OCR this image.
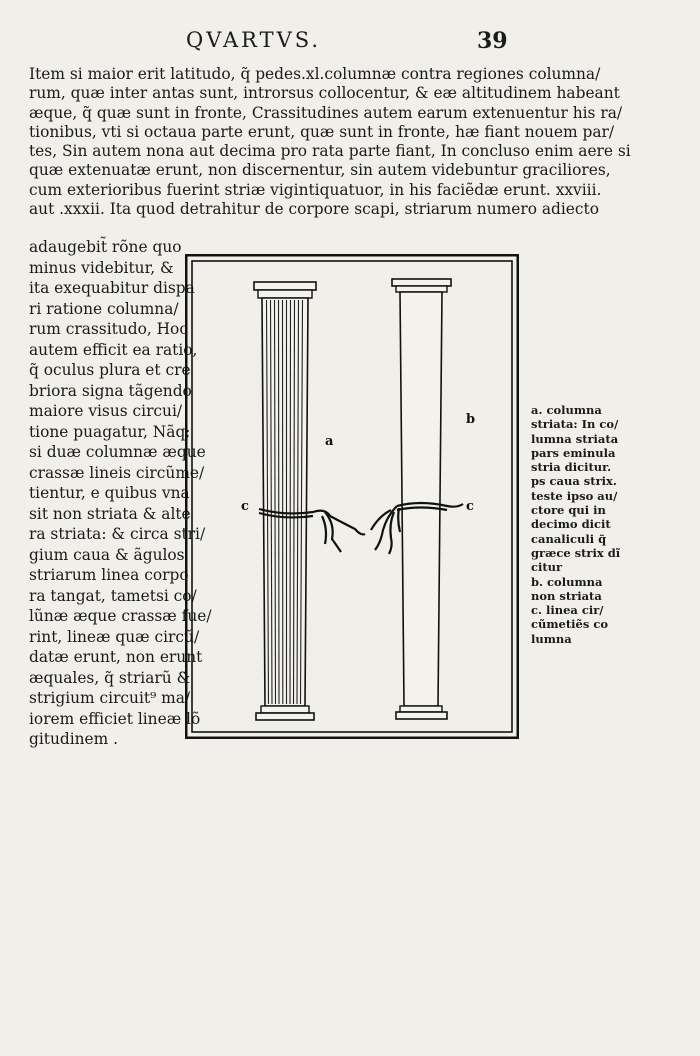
QVARTVS.	39
Item si maior erit latitudo, q̃ pedes.xl.columnæ contra regiones columna/
rum, quæ inter antas sunt, introrsus collocentur, & eæ altitudinem habeant
æque, q̃ quæ sunt in fronte, Crassitudines autem earum extenuentur his ra/
tionibus, vti si octaua parte erunt, quæ sunt in fronte, hæ fiant nouem par/
tes, Sin autem nona aut decima pro rata parte fiant, In concluso enim aere si
quæ extenuatæ erunt, non discernentur, sin autem videbuntur graciliores,
cum exterioribus fuerint striæ vigintiquatuor, in his faciẽdæ erunt. xxviii.
aut .xxxii. Ita quod detrahitur de corpore scapi, striarum numero adiecto
adaugebit̃ rõne quo
minus videbitur, &
ita exequabitur dispa
ri ratione columna/
rum crassitudo, Hoc
autem efficit ea ratio,
q̃ oculus plura et cre
briora signa tãgendo
maiore visus circui/
tione puagatur, Nãq;
si duæ columnæ æque
crassæ lineis circũme/
tientur, e quibus vna
sit non striata & alte
ra striata: & circa stri/
gium caua & ãgulos
striarum linea corpo
ra tangat, tametsi co/
lũnæ æque crassæ fue/
rint, lineæ quæ circũ/
datæ erunt, non erunt
æquales, q̃ striarũ &
strigium circuit⁹ ma/
iorem efficiet lineæ lõ
gitudinem .
a
b
c	c
a. columna
striata: In co/
lumna striata
pars eminula
stria dicitur.
ps caua strix.
teste ipso au/
ctore qui in
decimo dicit
canaliculi q̃
græce strix dĩ
citur
b. columna
non striata
c. linea cir/
cũmetiẽs co
lumna
